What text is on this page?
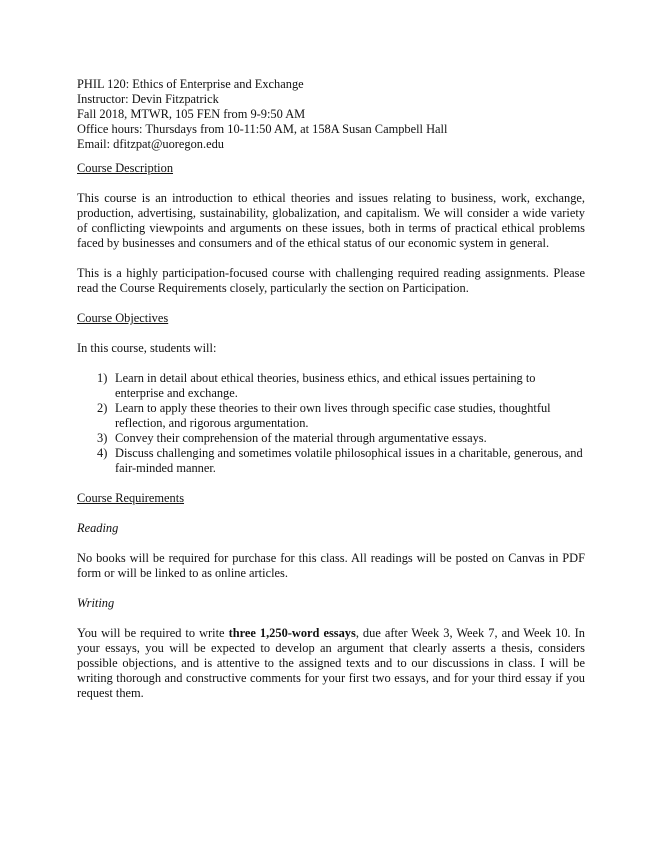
PHIL 120: Ethics of Enterprise and Exchange
Instructor: Devin Fitzpatrick
Fall 2018, MTWR, 105 FEN from 9-9:50 AM
Office hours: Thursdays from 10-11:50 AM, at 158A Susan Campbell Hall
Email: dfitzpat@uoregon.edu
Course Description

This course is an introduction to ethical theories and issues relating to business, work, exchange, production, advertising, sustainability, globalization, and capitalism. We will consider a wide variety of conflicting viewpoints and arguments on these issues, both in terms of practical ethical problems faced by businesses and consumers and of the ethical status of our economic system in general.

This is a highly participation-focused course with challenging required reading assignments. Please read the Course Requirements closely, particularly the section on Participation.

Course Objectives

In this course, students will:

1) Learn in detail about ethical theories, business ethics, and ethical issues pertaining to enterprise and exchange.
2) Learn to apply these theories to their own lives through specific case studies, thoughtful reflection, and rigorous argumentation.
3) Convey their comprehension of the material through argumentative essays.
4) Discuss challenging and sometimes volatile philosophical issues in a charitable, generous, and fair-minded manner.
Course Requirements
Reading

No books will be required for purchase for this class. All readings will be posted on Canvas in PDF form or will be linked to as online articles.

Writing

You will be required to write three 1,250-word essays, due after Week 3, Week 7, and Week 10. In your essays, you will be expected to develop an argument that clearly asserts a thesis, considers possible objections, and is attentive to the assigned texts and to our discussions in class. I will be writing thorough and constructive comments for your first two essays, and for your third essay if you request them.
